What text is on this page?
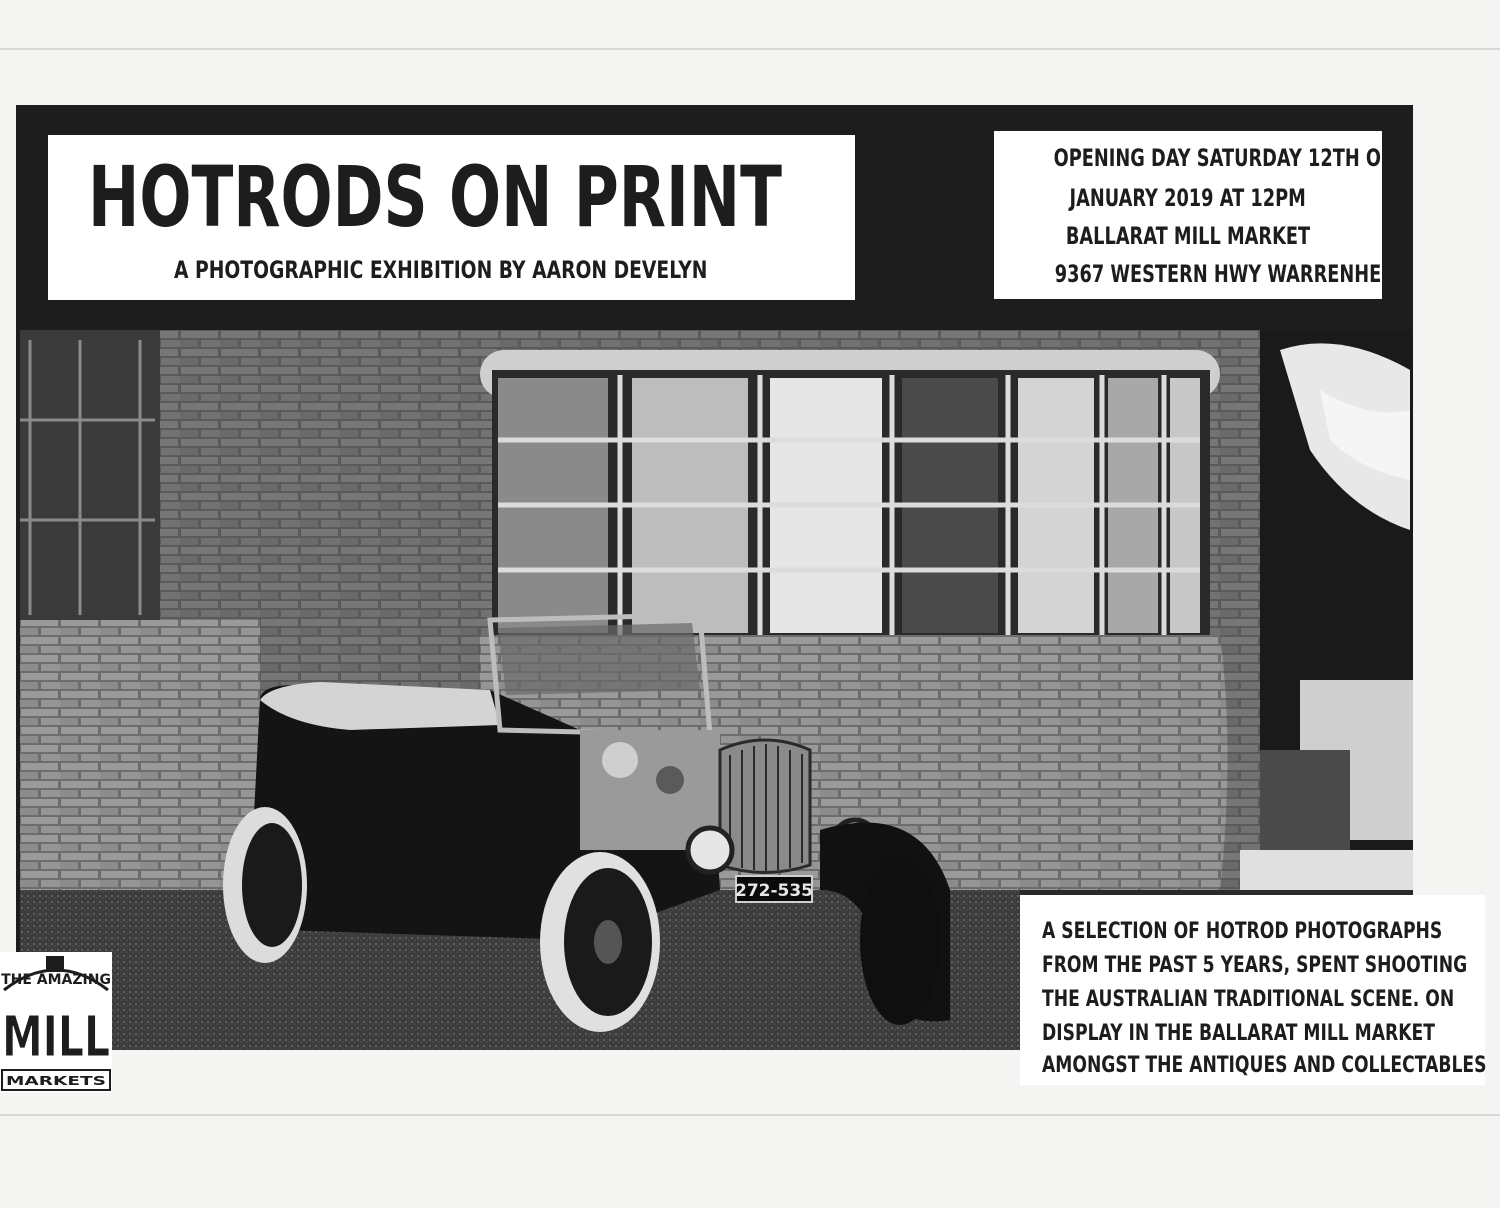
272-535
HOTRODS ON PRINT
A PHOTOGRAPHIC EXHIBITION BY AARON DEVELYN
OPENING DAY SATURDAY 12TH OF
JANUARY 2019 AT 12PM
BALLARAT MILL MARKET
9367 WESTERN HWY WARRENHEIP
A SELECTION OF HOTROD PHOTOGRAPHS
FROM THE PAST 5 YEARS, SPENT SHOOTING
THE AUSTRALIAN TRADITIONAL SCENE. ON
DISPLAY IN THE BALLARAT MILL MARKET
AMONGST THE ANTIQUES AND COLLECTABLES
THE AMAZING
MILL
MARKETS
